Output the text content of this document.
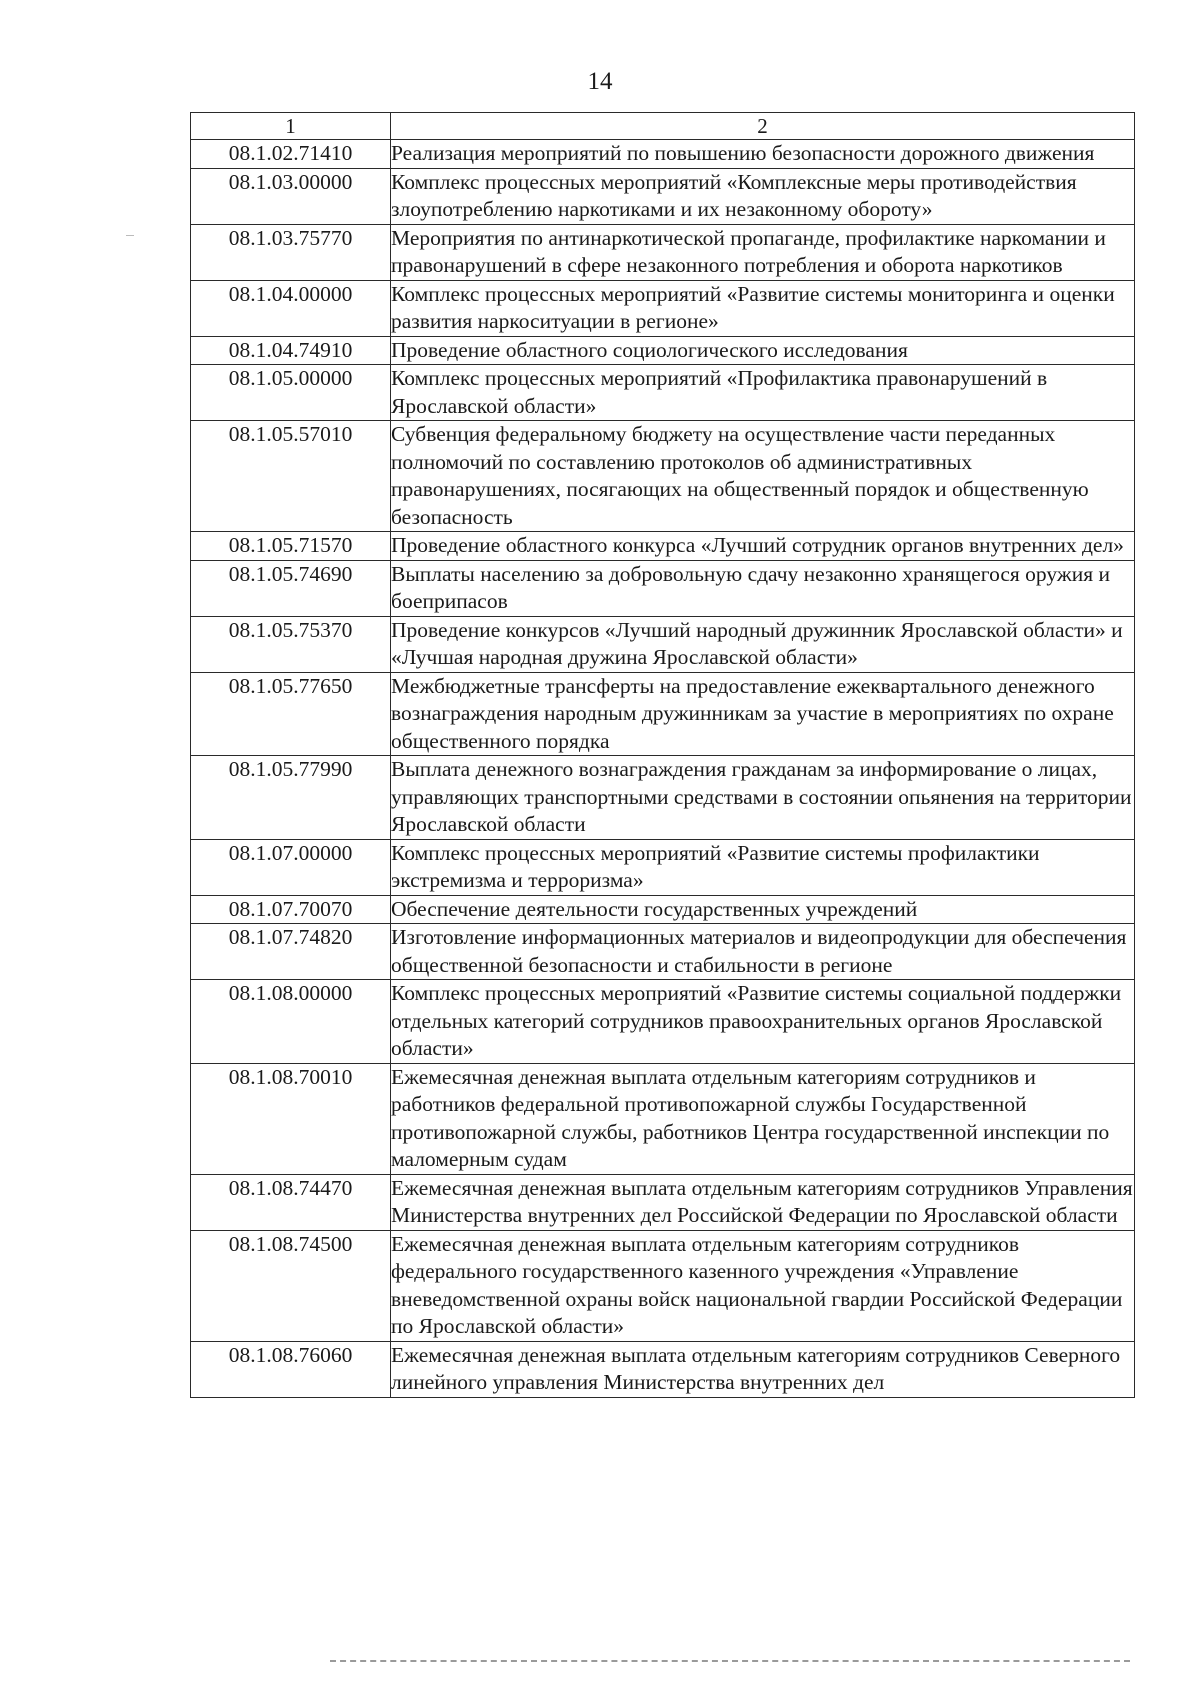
14
1	2
08.1.02.71410	Реализация мероприятий по повышению безопасности дорожного движения
08.1.03.00000	Комплекс процессных мероприятий «Комплексные меры противодействия злоупотреблению наркотиками и их незаконному обороту»
08.1.03.75770	Мероприятия по антинаркотической пропаганде, профилактике наркомании и правонарушений в сфере незаконного потребления и оборота наркотиков
08.1.04.00000	Комплекс процессных мероприятий «Развитие системы мониторинга и оценки развития наркоситуации в регионе»
08.1.04.74910	Проведение областного социологического исследования
08.1.05.00000	Комплекс процессных мероприятий «Профилактика правонарушений в Ярославской области»
08.1.05.57010	Субвенция федеральному бюджету на осуществление части переданных полномочий по составлению протоколов об административных правонарушениях, посягающих на общественный порядок и общественную безопасность
08.1.05.71570	Проведение областного конкурса «Лучший сотрудник органов внутренних дел»
08.1.05.74690	Выплаты населению за добровольную сдачу незаконно хранящегося оружия и боеприпасов
08.1.05.75370	Проведение конкурсов «Лучший народный дружинник Ярославской области» и «Лучшая народная дружина Ярославской области»
08.1.05.77650	Межбюджетные трансферты на предоставление ежеквартального денежного вознаграждения народным дружинникам за участие в мероприятиях по охране общественного порядка
08.1.05.77990	Выплата денежного вознаграждения гражданам за информирование о лицах, управляющих транспортными средствами в состоянии опьянения на территории Ярославской области
08.1.07.00000	Комплекс процессных мероприятий «Развитие системы профилактики экстремизма и терроризма»
08.1.07.70070	Обеспечение деятельности государственных учреждений
08.1.07.74820	Изготовление информационных материалов и видеопродукции для обеспечения общественной безопасности и стабильности в регионе
08.1.08.00000	Комплекс процессных мероприятий «Развитие системы социальной поддержки отдельных категорий сотрудников правоохранительных органов Ярославской области»
08.1.08.70010	Ежемесячная денежная выплата отдельным категориям сотрудников и работников федеральной противопожарной службы Государственной противопожарной службы, работников Центра государственной инспекции по маломерным судам
08.1.08.74470	Ежемесячная денежная выплата отдельным категориям сотрудников Управления Министерства внутренних дел Российской Федерации по Ярославской области
08.1.08.74500	Ежемесячная денежная выплата отдельным категориям сотрудников федерального государственного казенного учреждения «Управление вневедомственной охраны войск национальной гвардии Российской Федерации по Ярославской области»
08.1.08.76060	Ежемесячная денежная выплата отдельным категориям сотрудников Северного линейного управления Министерства внутренних дел
